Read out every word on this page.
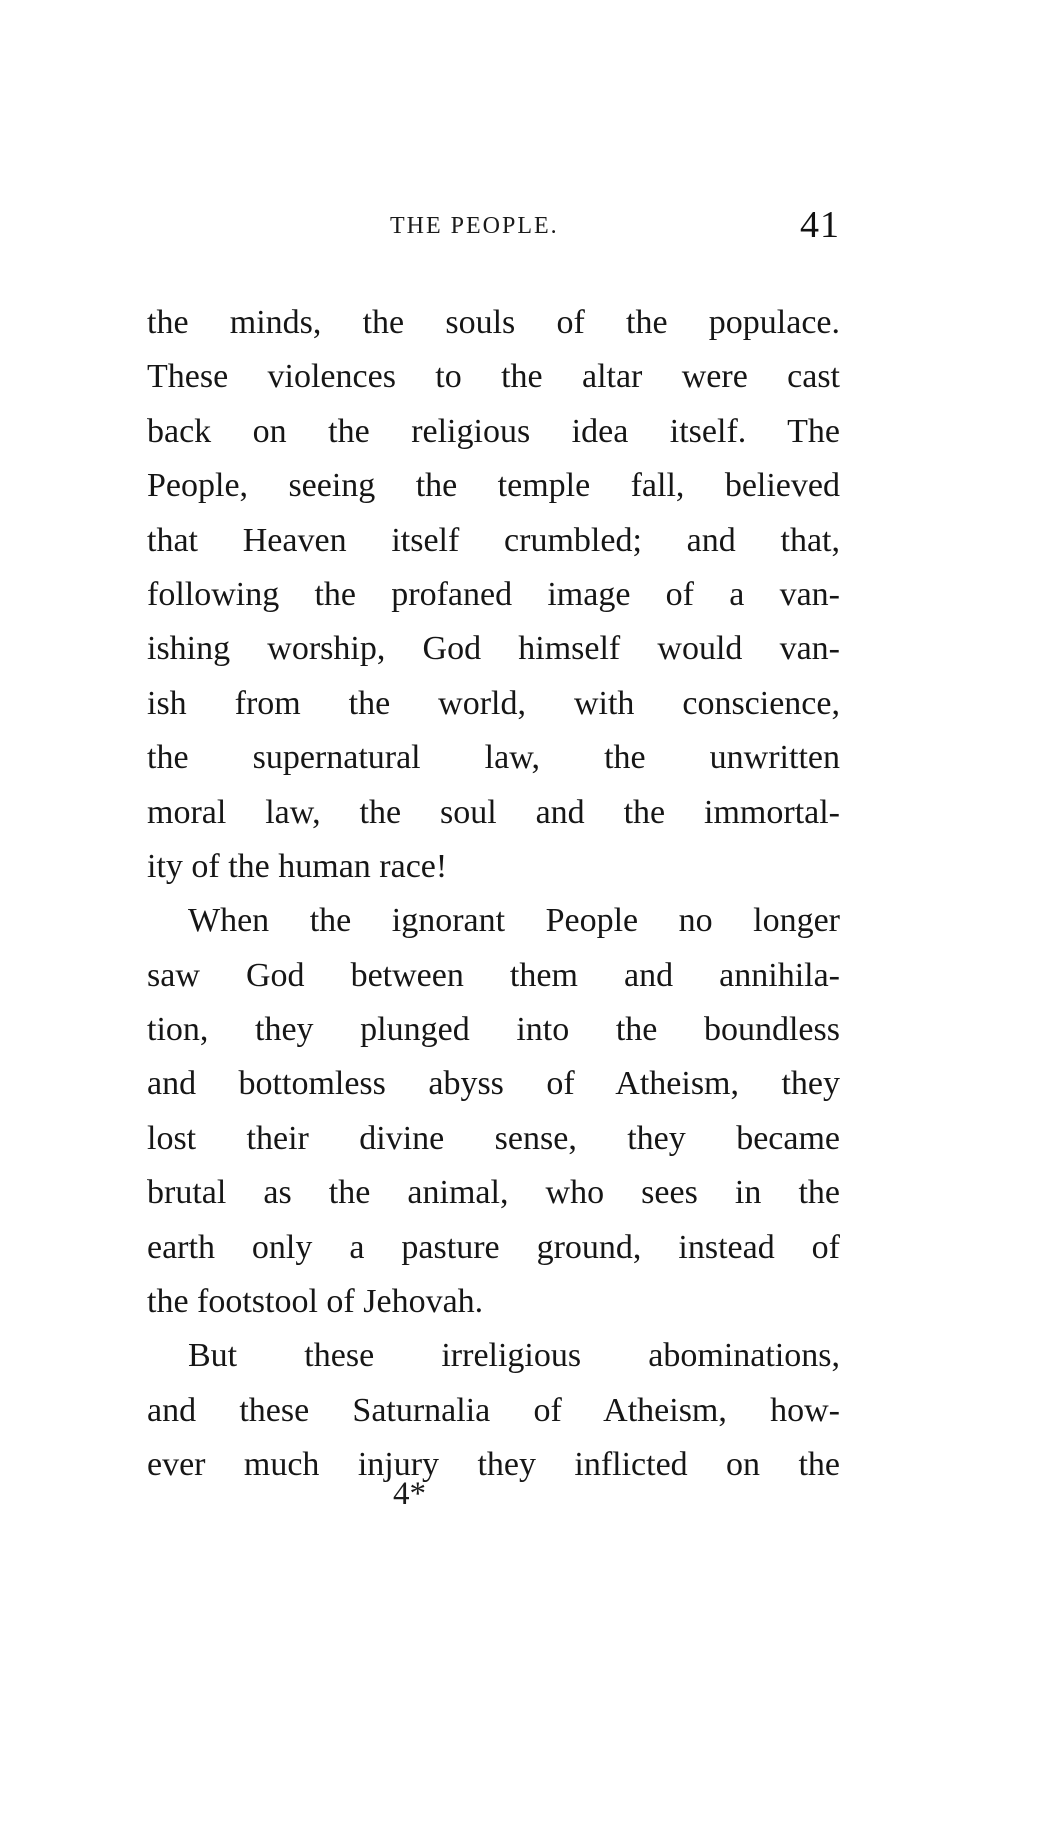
THE PEOPLE.	41
the minds, the souls of the populace.
These violences to the altar were cast
back on the religious idea itself. The
People, seeing the temple fall, believed
that Heaven itself crumbled; and that,
following the profaned image of a van-
ishing worship, God himself would van-
ish from the world, with conscience,
the supernatural law, the unwritten
moral law, the soul and the immortal-
ity of the human race!
When the ignorant People no longer
saw God between them and annihila-
tion, they plunged into the boundless
and bottomless abyss of Atheism, they
lost their divine sense, they became
brutal as the animal, who sees in the
earth only a pasture ground, instead of
the footstool of Jehovah.
But these irreligious abominations,
and these Saturnalia of Atheism, how-
ever much injury they inflicted on the
4*
